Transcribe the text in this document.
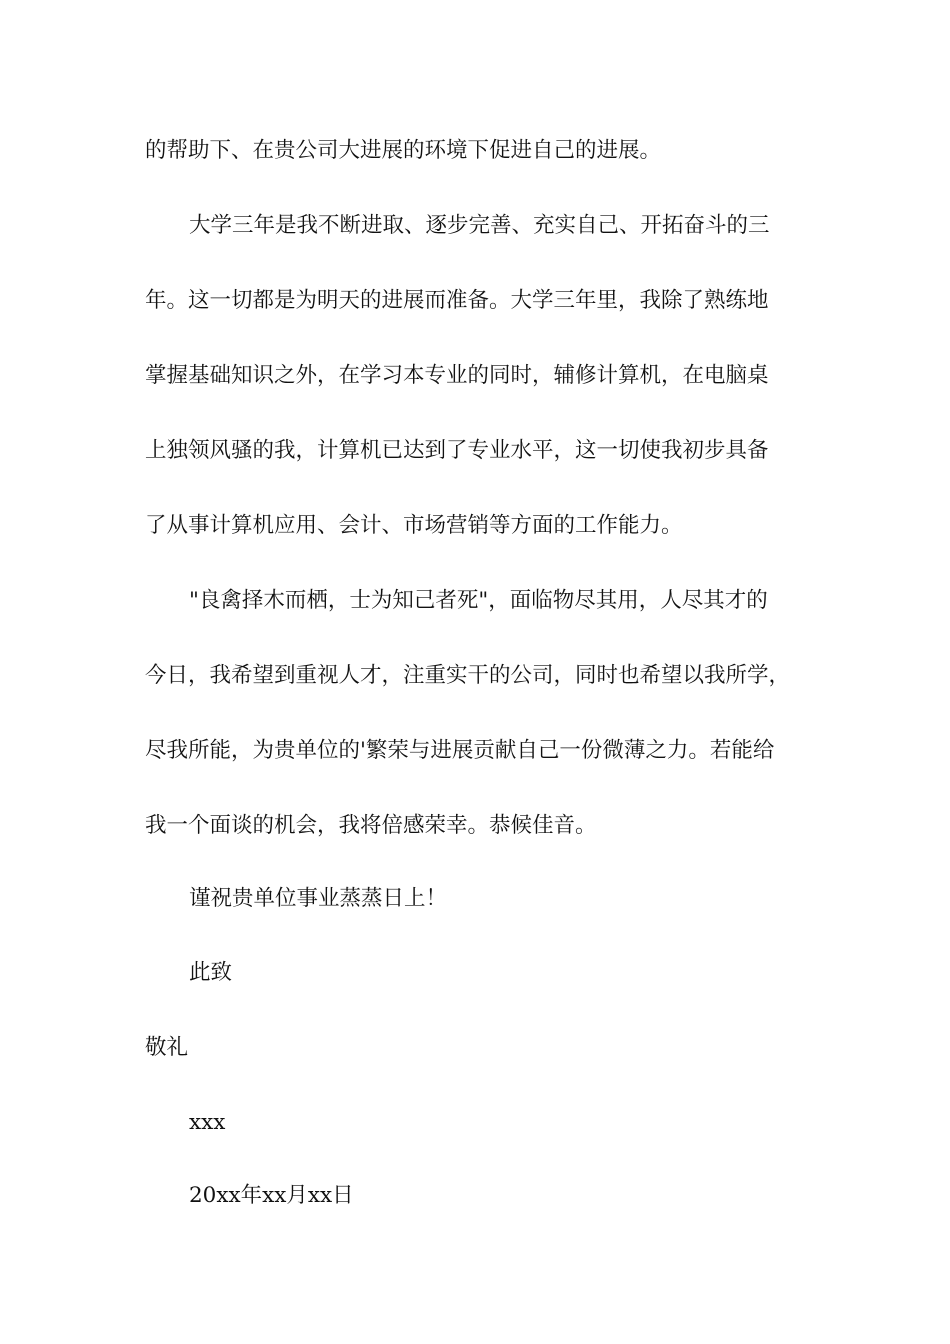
的帮助下、在贵公司大进展的环境下促进自己的进展。
大学三年是我不断进取、逐步完善、充实自己、开拓奋斗的三
年。这一切都是为明天的进展而准备。大学三年里，我除了熟练地
掌握基础知识之外，在学习本专业的同时，辅修计算机，在电脑桌
上独领风骚的我，计算机已达到了专业水平，这一切使我初步具备
了从事计算机应用、会计、市场营销等方面的工作能力。
"良禽择木而栖，士为知己者死"，面临物尽其用，人尽其才的
今日，我希望到重视人才，注重实干的公司，同时也希望以我所学，
尽我所能，为贵单位的'繁荣与进展贡献自己一份微薄之力。若能给
我一个面谈的机会，我将倍感荣幸。恭候佳音。
谨祝贵单位事业蒸蒸日上！
此致
敬礼
xxx
20xx年xx月xx日
